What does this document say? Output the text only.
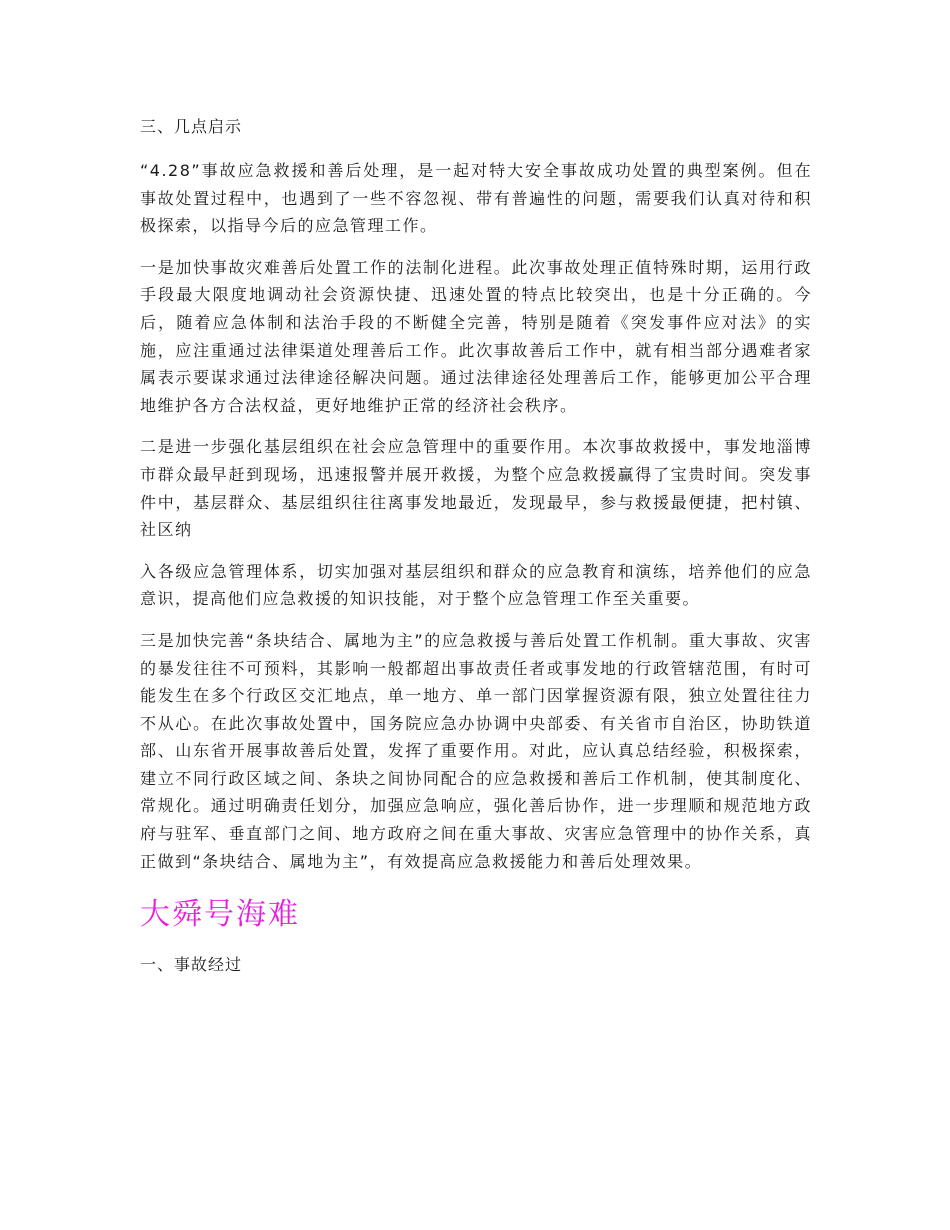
三、几点启示

“4.28”事故应急救援和善后处理，是一起对特大安全事故成功处置的典型案例。但在事故处置过程中，也遇到了一些不容忽视、带有普遍性的问题，需要我们认真对待和积极探索，以指导今后的应急管理工作。

一是加快事故灾难善后处置工作的法制化进程。此次事故处理正值特殊时期，运用行政手段最大限度地调动社会资源快捷、迅速处置的特点比较突出，也是十分正确的。今后，随着应急体制和法治手段的不断健全完善，特别是随着《突发事件应对法》的实施，应注重通过法律渠道处理善后工作。此次事故善后工作中，就有相当部分遇难者家属表示要谋求通过法律途径解决问题。通过法律途径处理善后工作，能够更加公平合理地维护各方合法权益，更好地维护正常的经济社会秩序。

二是进一步强化基层组织在社会应急管理中的重要作用。本次事故救援中，事发地淄博市群众最早赶到现场，迅速报警并展开救援，为整个应急救援赢得了宝贵时间。突发事件中，基层群众、基层组织往往离事发地最近，发现最早，参与救援最便捷，把村镇、社区纳

入各级应急管理体系，切实加强对基层组织和群众的应急教育和演练，培养他们的应急意识，提高他们应急救援的知识技能，对于整个应急管理工作至关重要。

三是加快完善“条块结合、属地为主”的应急救援与善后处置工作机制。重大事故、灾害的暴发往往不可预料，其影响一般都超出事故责任者或事发地的行政管辖范围，有时可能发生在多个行政区交汇地点，单一地方、单一部门因掌握资源有限，独立处置往往力不从心。在此次事故处置中，国务院应急办协调中央部委、有关省市自治区，协助铁道部、山东省开展事故善后处置，发挥了重要作用。对此，应认真总结经验，积极探索，建立不同行政区域之间、条块之间协同配合的应急救援和善后工作机制，使其制度化、常规化。通过明确责任划分，加强应急响应，强化善后协作，进一步理顺和规范地方政府与驻军、垂直部门之间、地方政府之间在重大事故、灾害应急管理中的协作关系，真正做到“条块结合、属地为主”，有效提高应急救援能力和善后处理效果。

大舜号海难
一、事故经过
